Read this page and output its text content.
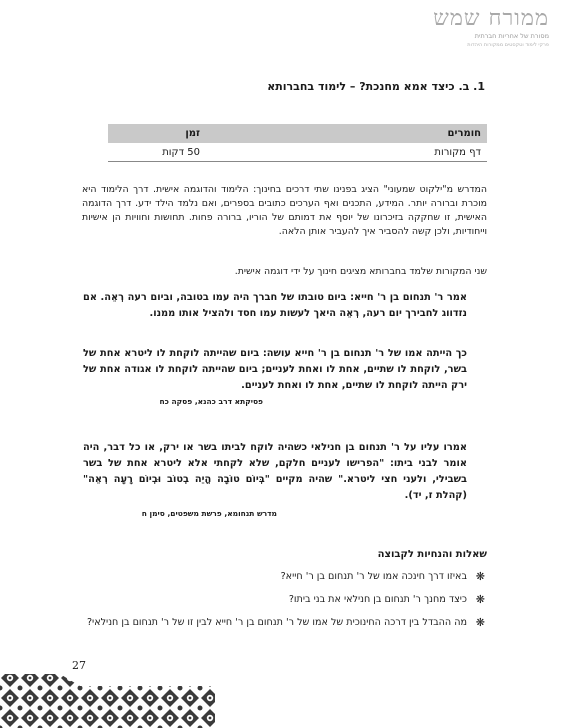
ממורח שמש
מסורת של אחריות חברתית
פרקי לימוד וטקסטים ממקורות היהדות
1. ב. כיצד אמא מחנכת? – לימוד בחברותא
חומרים
זמן
דף מקורות
50 דקות
המדרש מ"ילקוט שמעוני" הציג בפנינו שתי דרכים בחינוך: הלימוד והדוגמה אישית. דרך הלימוד היא מוכרת וברורה יותר. המידע, התכנים ואף הערכים כתובים בספרים, ואם נלמד הילד ידע. דרך הדוגמה האישית, זו שחקקה בזיכרונו של יוסף את דמותם של הוריו, ברורה פחות. תחושות וחוויות הן אישיות וייחודיות, ולכן קשה להסביר איך להעביר אותן הלאה.
שני המקורות שלמד בחברותא מציגים חינוך על ידי דוגמה אישית.
אמר ר' תנחום בן ר' חייא: ביום טובתו של חברך היה עמו בטובה, וביום רעה רְאֵה. אם נזדווג לחבירך יום רעה, רְאֵה היאך לעשות עמו חסד ולהציל אותו ממנו.
כך הייתה אמו של ר' תנחום בן ר' חייא עושה: ביום שהייתה לוקחת לו ליטרא אחת של בשר, לוקחת לו שתיים, אחת לו ואחת לעניים; ביום שהייתה לוקחת לו אגודה אחת של ירק הייתה לוקחת לו שתיים, אחת לו ואחת לעניים.
פסיקתא דרב כהנא, פסקה כח
אמרו עליו על ר' תנחום בן חנילאי כשהיה לוקח לביתו בשר או ירק, או כל דבר, היה אומר לבני ביתו: "הפרישו לעניים חלקם, שלא לקחתי אלא ליטרא אחת של בשר בשבילי, ולעני חצי ליטרא." שהיה מקיים "בְּיוֹם טוֹבָה הֱיֵה בְטוֹב וּבְיוֹם רָעָה רְאֵה" (קהלת ז, יד).
מדרש תנחומא, פרשת משפטים, סימן ח
שאלות והנחיות לקבוצה
❋
באיזו דרך חינכה אמו של ר' תנחום בן ר' חייא?
❋
כיצד מחנך ר' תנחום בן חנילאי את בני ביתו?
❋
מה ההבדל בין דרכה החינוכית של אמו של ר' תנחום בן ר' חייא לבין זו של ר' תנחום בן חנילאי?
27
